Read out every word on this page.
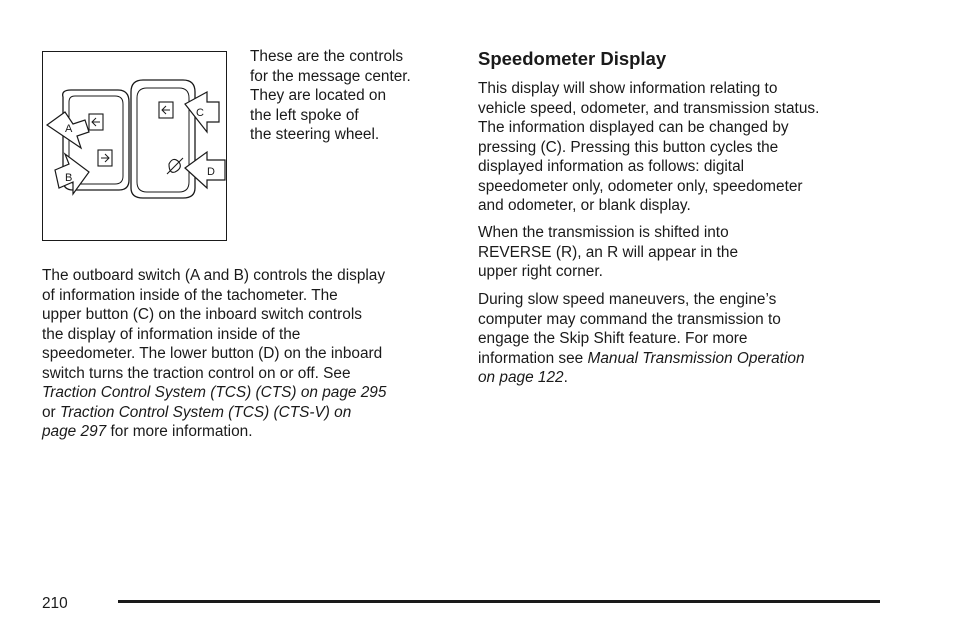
A
B
C
D

These are the controls
for the message center.
They are located on
the left spoke of
the steering wheel.

The outboard switch (A and B) controls the display
of information inside of the tachometer. The
upper button (C) on the inboard switch controls
the display of information inside of the
speedometer. The lower button (D) on the inboard
switch turns the traction control on or off. See
Traction Control System (TCS) (CTS) on page 295
or Traction Control System (TCS) (CTS-V) on
page 297 for more information.

Speedometer Display

This display will show information relating to
vehicle speed, odometer, and transmission status.
The information displayed can be changed by
pressing (C). Pressing this button cycles the
displayed information as follows: digital
speedometer only, odometer only, speedometer
and odometer, or blank display.

When the transmission is shifted into
REVERSE (R), an R will appear in the
upper right corner.

During slow speed maneuvers, the engine’s
computer may command the transmission to
engage the Skip Shift feature. For more
information see Manual Transmission Operation
on page 122.

210
